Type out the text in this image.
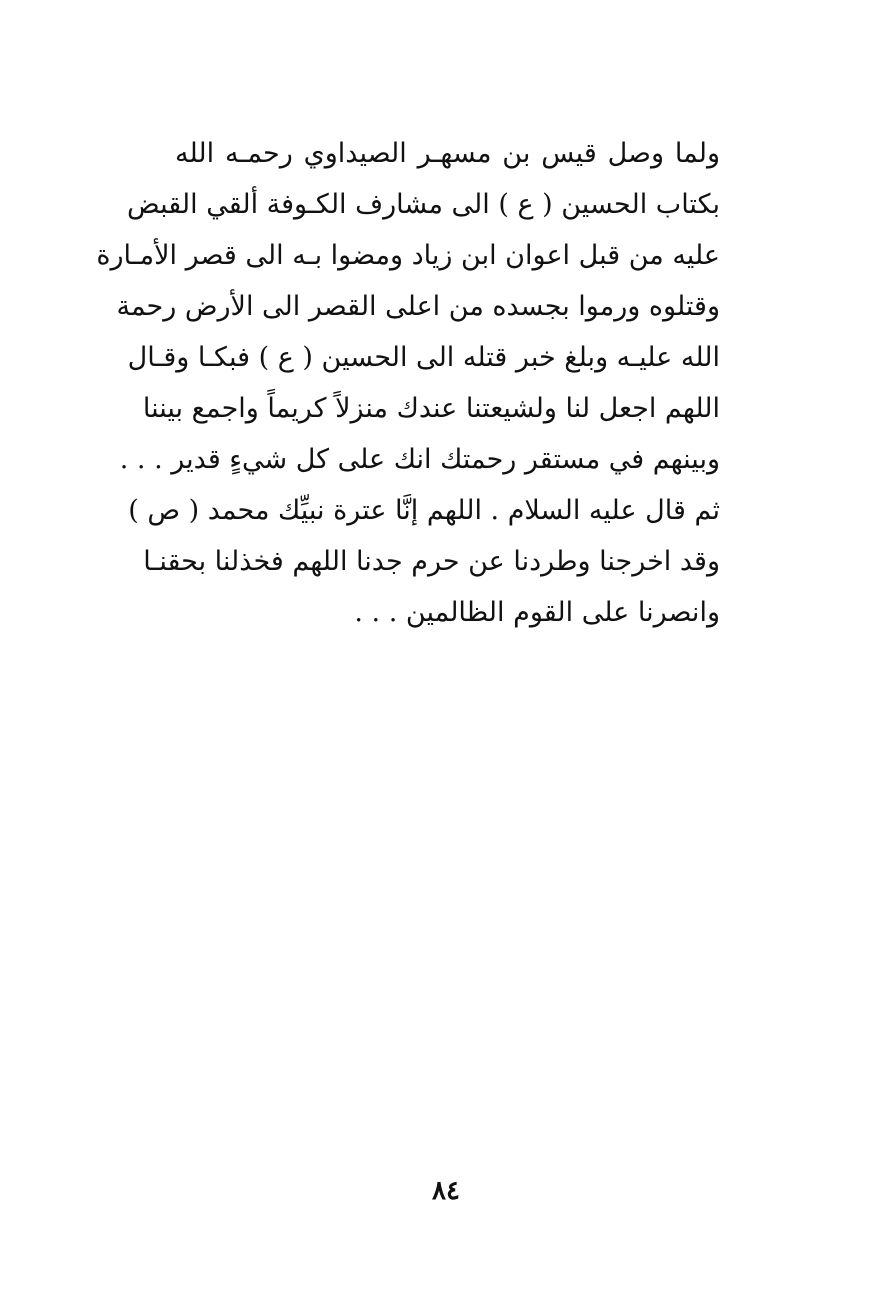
ولما وصل قيس بن مسهـر الصيداوي رحمـه الله
بكتاب الحسين ( ع ) الى مشارف الكـوفة ألقي القبض
عليه من قبل اعوان ابن زياد ومضوا بـه الى قصر الأمـارة
وقتلوه ورموا بجسده من اعلى القصر الى الأرض رحمة
الله عليـه وبلغ خبر قتله الى الحسين ( ع ) فبكـا وقـال
اللهم اجعل لنا ولشيعتنا عندك منزلاً كريماً واجمع بيننا
وبينهم في مستقر رحمتك انك على كل شيءٍ قدير . . .
ثم قال عليه السلام . اللهم إنَّا عترة نبيِّك محمد ( ص )
وقد اخرجنا وطردنا عن حرم جدنا اللهم فخذلنا بحقنـا
وانصرنا على القوم الظالمين . . .
٨٤
